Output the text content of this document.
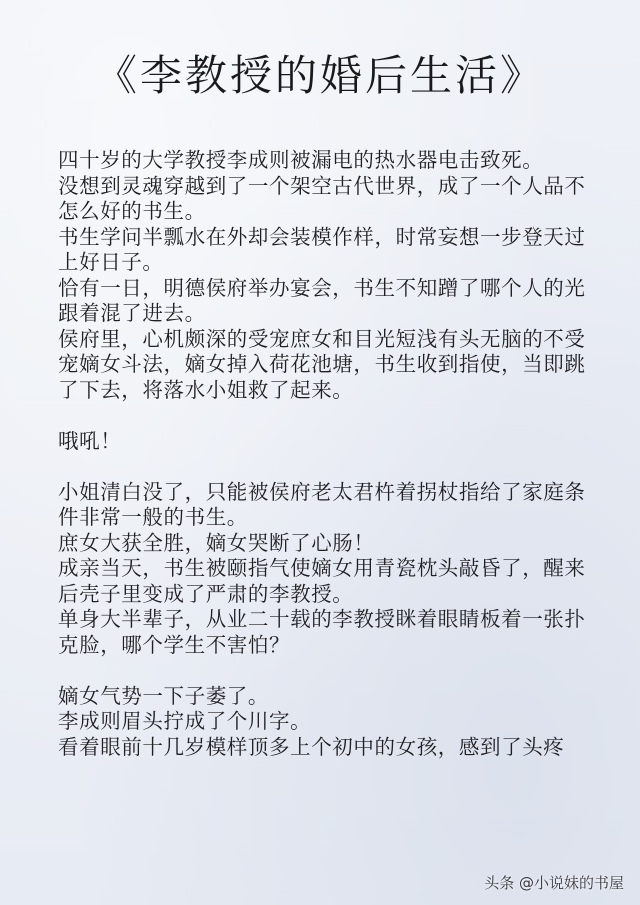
《李教授的婚后生活》

四十岁的大学教授李成则被漏电的热水器电击致死。

没想到灵魂穿越到了一个架空古代世界，成了一个人品不怎么好的书生。

书生学问半瓢水在外却会装模作样，时常妄想一步登天过上好日子。

恰有一日，明德侯府举办宴会，书生不知蹭了哪个人的光跟着混了进去。

侯府里，心机颇深的受宠庶女和目光短浅有头无脑的不受宠嫡女斗法，嫡女掉入荷花池塘，书生收到指使，当即跳了下去，将落水小姐救了起来。

哦吼！

小姐清白没了，只能被侯府老太君杵着拐杖指给了家庭条件非常一般的书生。

庶女大获全胜，嫡女哭断了心肠！

成亲当天，书生被颐指气使嫡女用青瓷枕头敲昏了，醒来后壳子里变成了严肃的李教授。

单身大半辈子，从业二十载的李教授眯着眼睛板着一张扑克脸，哪个学生不害怕？

嫡女气势一下子萎了。

李成则眉头拧成了个川字。

看着眼前十几岁模样顶多上个初中的女孩，感到了头疼

头条 @小说妹的书屋
